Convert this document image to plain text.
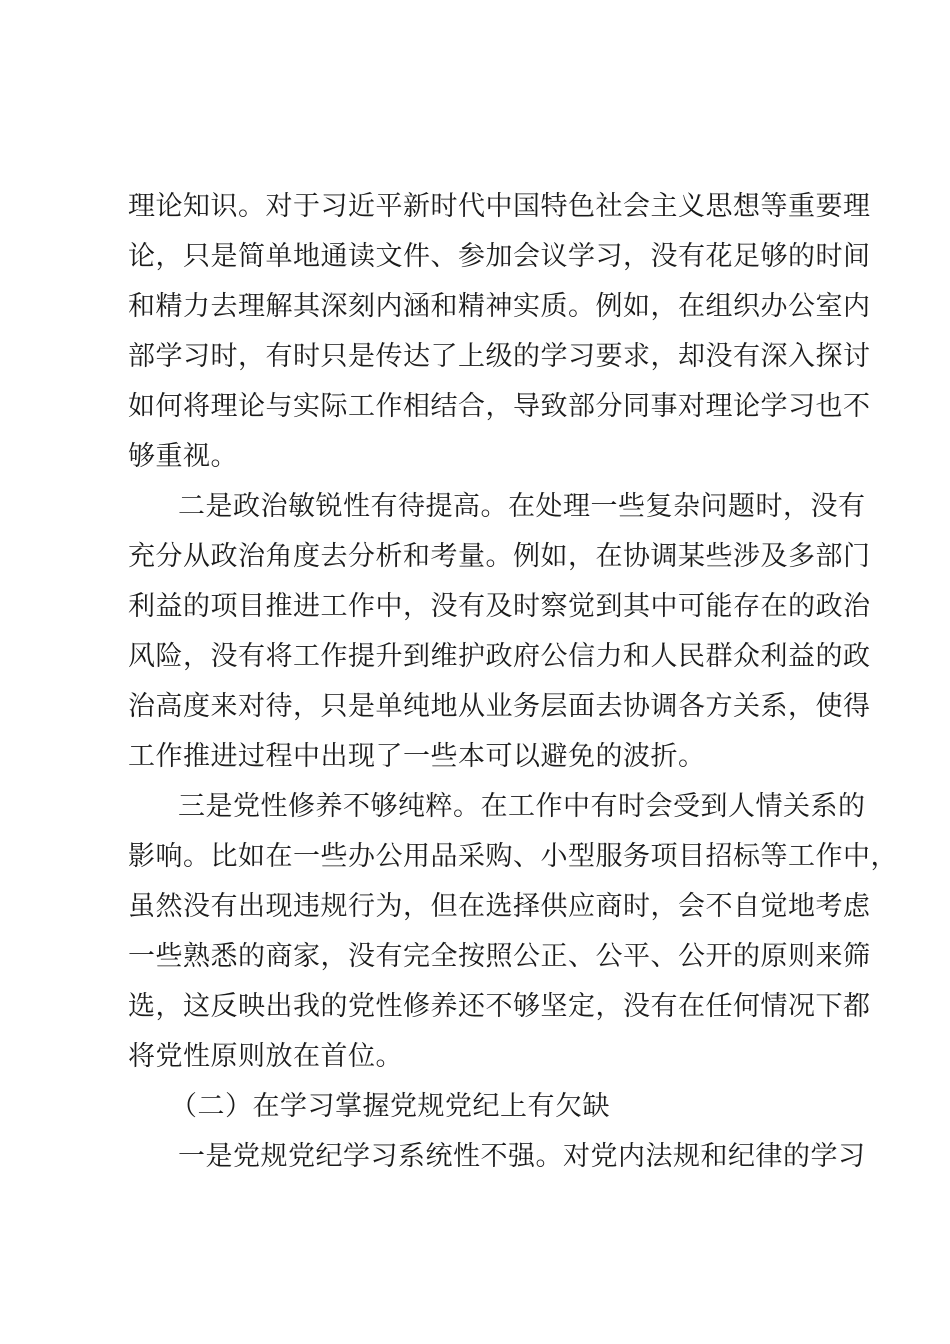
理论知识。对于习近平新时代中国特色社会主义思想等重要理
论，只是简单地通读文件、参加会议学习，没有花足够的时间
和精力去理解其深刻内涵和精神实质。例如，在组织办公室内
部学习时，有时只是传达了上级的学习要求，却没有深入探讨
如何将理论与实际工作相结合，导致部分同事对理论学习也不
够重视。
二是政治敏锐性有待提高。在处理一些复杂问题时，没有
充分从政治角度去分析和考量。例如，在协调某些涉及多部门
利益的项目推进工作中，没有及时察觉到其中可能存在的政治
风险，没有将工作提升到维护政府公信力和人民群众利益的政
治高度来对待，只是单纯地从业务层面去协调各方关系，使得
工作推进过程中出现了一些本可以避免的波折。
三是党性修养不够纯粹。在工作中有时会受到人情关系的
影响。比如在一些办公用品采购、小型服务项目招标等工作中，
虽然没有出现违规行为，但在选择供应商时，会不自觉地考虑
一些熟悉的商家，没有完全按照公正、公平、公开的原则来筛
选，这反映出我的党性修养还不够坚定，没有在任何情况下都
将党性原则放在首位。
（二）在学习掌握党规党纪上有欠缺
一是党规党纪学习系统性不强。对党内法规和纪律的学习
